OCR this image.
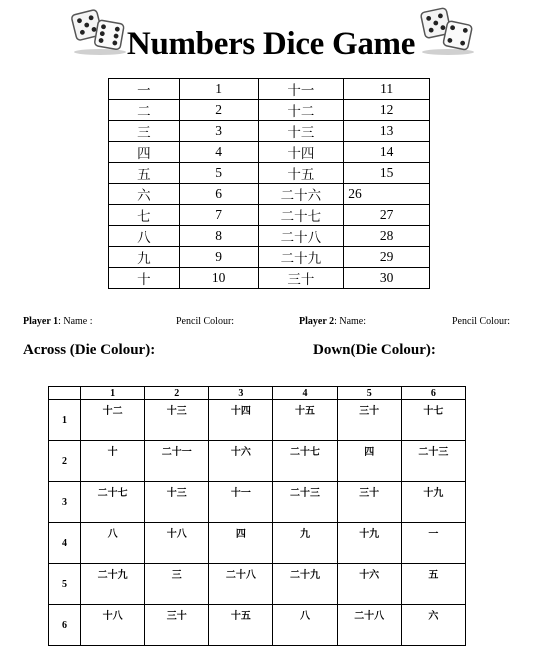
Numbers Dice Game
一	1	十一	11
二	2	十二	12
三	3	十三	13
四	4	十四	14
五	5	十五	15
六	6	二十六	26
七	7	二十七	27
八	8	二十八	28
九	9	二十九	29
十	10	三十	30
Player 1: Name :	Pencil Colour:	Player 2: Name:	Pencil Colour:
Across (Die Colour):	Down(Die Colour):
	1	2	3	4	5	6
1	十二	十三	十四	十五	三十	十七
2	十	二十一	十六	二十七	四	二十三
3	二十七	十三	十一	二十三	三十	十九
4	八	十八	四	九	十九	一
5	二十九	三	二十八	二十九	十六	五
6	十八	三十	十五	八	二十八	六
